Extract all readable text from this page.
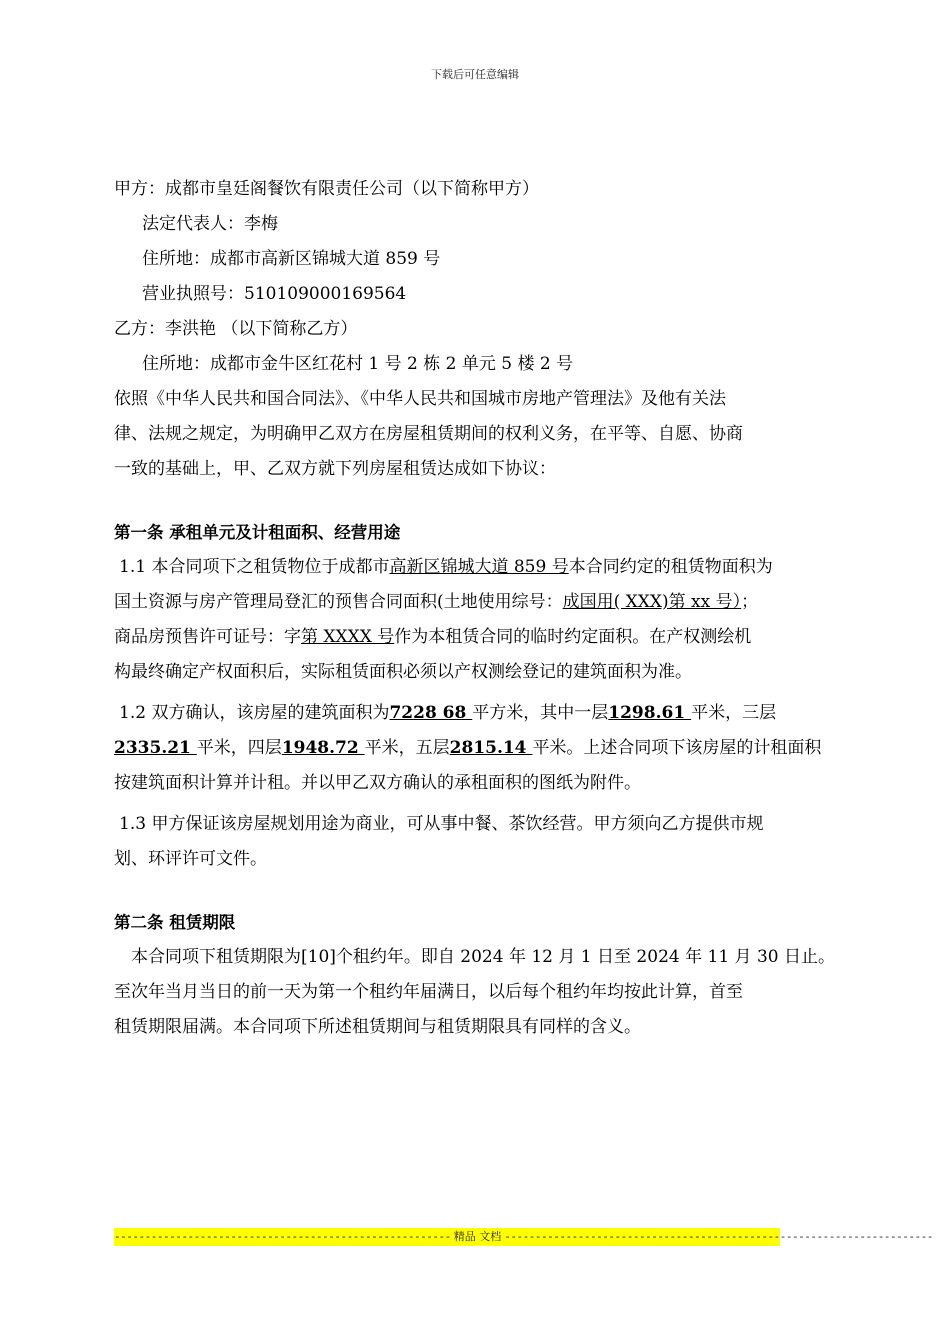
下载后可任意编辑
甲方：成都市皇廷阁餐饮有限责任公司（以下简称甲方）
法定代表人：李梅
住所地：成都市高新区锦城大道 859 号
营业执照号：510109000169564
乙方：李洪艳 （以下简称乙方）
住所地：成都市金牛区红花村 1 号 2 栋 2 单元 5 楼 2 号
依照《中华人民共和国合同法》、《中华人民共和国城市房地产管理法》及他有关法
律、法规之规定，为明确甲乙双方在房屋租赁期间的权利义务，在平等、自愿、协商
一致的基础上，甲、乙双方就下列房屋租赁达成如下协议：
第一条 承租单元及计租面积、经营用途
1.1 本合同项下之租赁物位于成都市高新区锦城大道 859 号本合同约定的租赁物面积为
国土资源与房产管理局登汇的预售合同面积(土地使用综号：成国用( XXX)第 xx 号）；
商品房预售许可证号：字第 XXXX 号作为本租赁合同的临时约定面积。在产权测绘机
构最终确定产权面积后，实际租赁面积必须以产权测绘登记的建筑面积为准。
1.2 双方确认，该房屋的建筑面积为7228 68 平方米，其中一层1298.61 平米，三层
2335.21 平米，四层1948.72 平米，五层2815.14 平米。上述合同项下该房屋的计租面积
按建筑面积计算并计租。并以甲乙双方确认的承租面积的图纸为附件。
1.3 甲方保证该房屋规划用途为商业，可从事中餐、茶饮经营。甲方须向乙方提供市规
划、环评许可文件。
第二条 租赁期限
本合同项下租赁期限为[10]个租约年。即自 2024 年 12 月 1 日至 2024 年 11 月 30 日止。
至次年当月当日的前一天为第一个租约年届满日，以后每个租约年均按此计算，首至
租赁期限届满。本合同项下所述租赁期间与租赁期限具有同样的含义。
------------------------------------------------------- 精品 文档 ----------------------------------------------------------------------
